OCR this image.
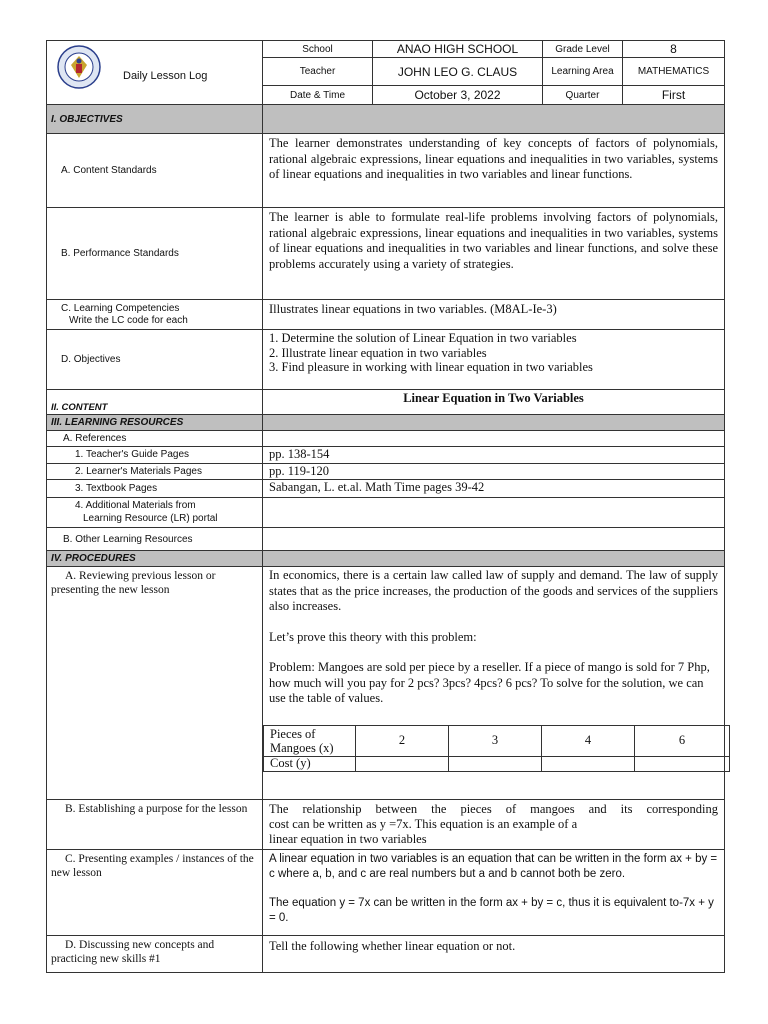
Daily Lesson Log
	School	ANAO HIGH SCHOOL	Grade Level	8
Teacher	JOHN LEO G. CLAUS	Learning Area	MATHEMATICS
Date & Time	October 3, 2022	Quarter	First
I. OBJECTIVES	
A. Content Standards	The learner demonstrates understanding of key concepts of factors of polynomials, rational algebraic expressions, linear equations and inequalities in two variables, systems of linear equations and inequalities in two variables and linear functions.
B. Performance Standards	The learner is able to formulate real-life problems involving factors of polynomials, rational algebraic expressions, linear equations and inequalities in two variables, systems of linear equations and inequalities in two variables and linear functions, and solve these problems accurately using a variety of strategies.
C. Learning Competencies
Write the LC code for each	Illustrates linear equations in two variables. (M8AL-Ie-3)
D. Objectives	

1. Determine the solution of Linear Equation in two variables

2. Illustrate linear equation in two variables

3. Find pleasure in working with linear equation in two variables

II. CONTENT	Linear Equation in Two Variables
III. LEARNING RESOURCES	
A. References	
1. Teacher's Guide Pages	pp. 138-154
2. Learner's Materials Pages	pp. 119-120
3. Textbook Pages	Sabangan, L. et.al. Math Time pages 39-42
4. Additional Materials from
Learning Resource (LR) portal	
B. Other Learning Resources	
IV. PROCEDURES	
A. Reviewing previous lesson or presenting the new lesson	

In economics, there is a certain law called law of supply and demand. The law of supply states that as the price increases, the production of the goods and services of the suppliers also increases.

Let’s prove this theory with this problem:

Problem: Mangoes are sold per piece by a reseller. If a piece of mango is sold for 7 Php, how much will you pay for 2 pcs? 3pcs? 4pcs? 6 pcs? To solve for the solution, we can use the table of values.

Pieces of Mangoes (x)	2	3	4	6
Cost (y)				

B. Establishing a purpose for the lesson	The relationship between the pieces of mangoes and its corresponding

cost can be written as y =7x. This equation is an example of a

linear equation in two variables

C. Presenting examples / instances of the new lesson	

A linear equation in two variables is an equation that can be written in the form ax + by = c where a, b, and c are real numbers but a and b cannot both be zero.

The equation y = 7x can be written in the form ax + by = c, thus it is equivalent to-7x + y = 0.

D. Discussing new concepts and practicing new skills #1	Tell the following whether linear equation or not.
